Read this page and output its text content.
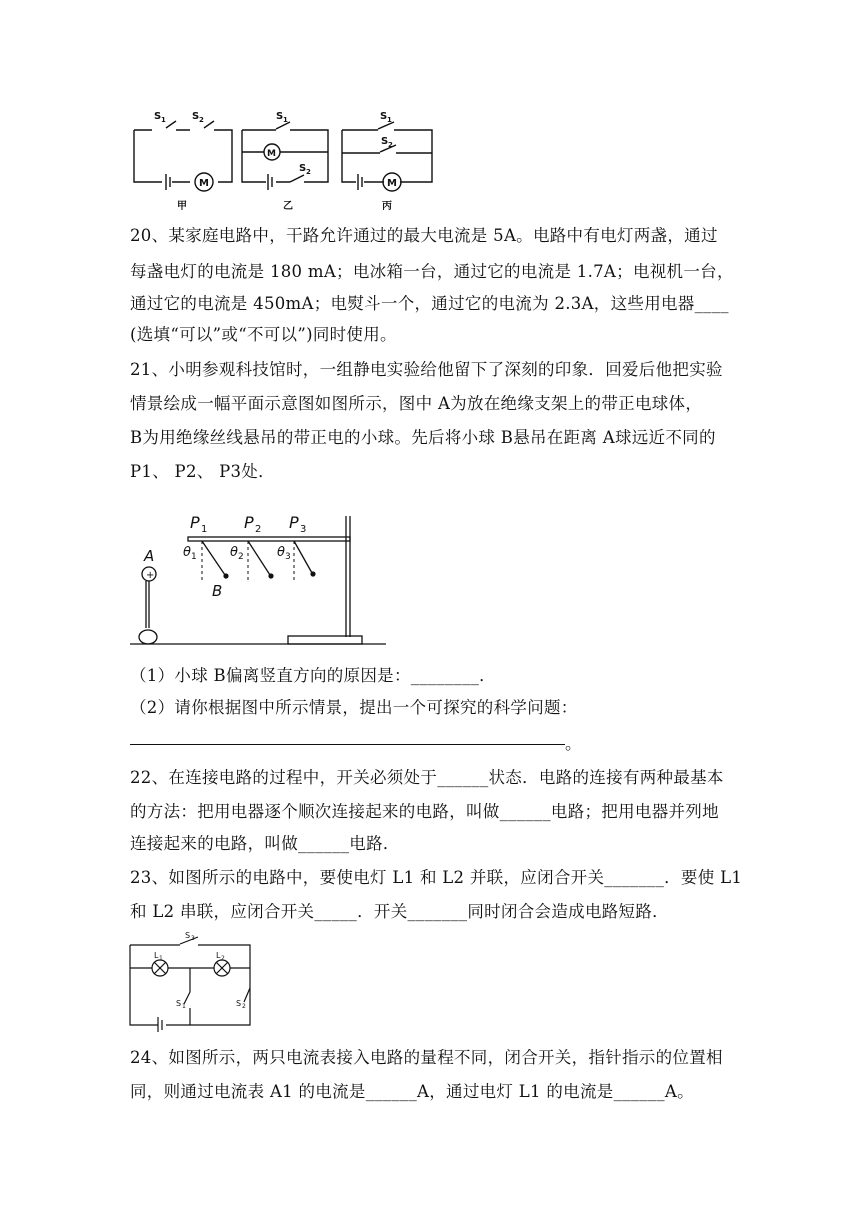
S 1	S 2
M
S 1
M
S 2
S 1
S 2
M
甲	乙	丙
20、某家庭电路中，干路允许通过的最大电流是 5A。电路中有电灯两盏，通过
每盏电灯的电流是 180 mA；电冰箱一台，通过它的电流是 1.7A；电视机一台，
通过它的电流是 450mA；电熨斗一个，通过它的电流为 2.3A，这些用电器____
(选填“可以”或“不可以”)同时使用。
21、小明参观科技馆时，一组静电实验给他留下了深刻的印象．回爱后他把实验
情景绘成一幅平面示意图如图所示，图中 A为放在绝缘支架上的带正电球体，
B为用绝缘丝线悬吊的带正电的小球。先后将小球 B悬吊在距离 A球远近不同的
P1、 P2、 P3处．
+
A
B
P 1 P 2 P 3
θ 1	θ 2	θ 3
（1）小球 B偏离竖直方向的原因是：________．
（2）请你根据图中所示情景，提出一个可探究的科学问题：
。
22、在连接电路的过程中，开关必须处于______状态．电路的连接有两种最基本
的方法：把用电器逐个顺次连接起来的电路，叫做______电路；把用电器并列地
连接起来的电路，叫做______电路．
23、如图所示的电路中，要使电灯 L1 和 L2 并联，应闭合开关_______．要使 L1
和 L2 串联，应闭合开关_____．开关_______同时闭合会造成电路短路．
S 3
L 1	L 2
S 1	S 2
24、如图所示，两只电流表接入电路的量程不同，闭合开关，指针指示的位置相
同，则通过电流表 A1 的电流是______A，通过电灯 L1 的电流是______A。
